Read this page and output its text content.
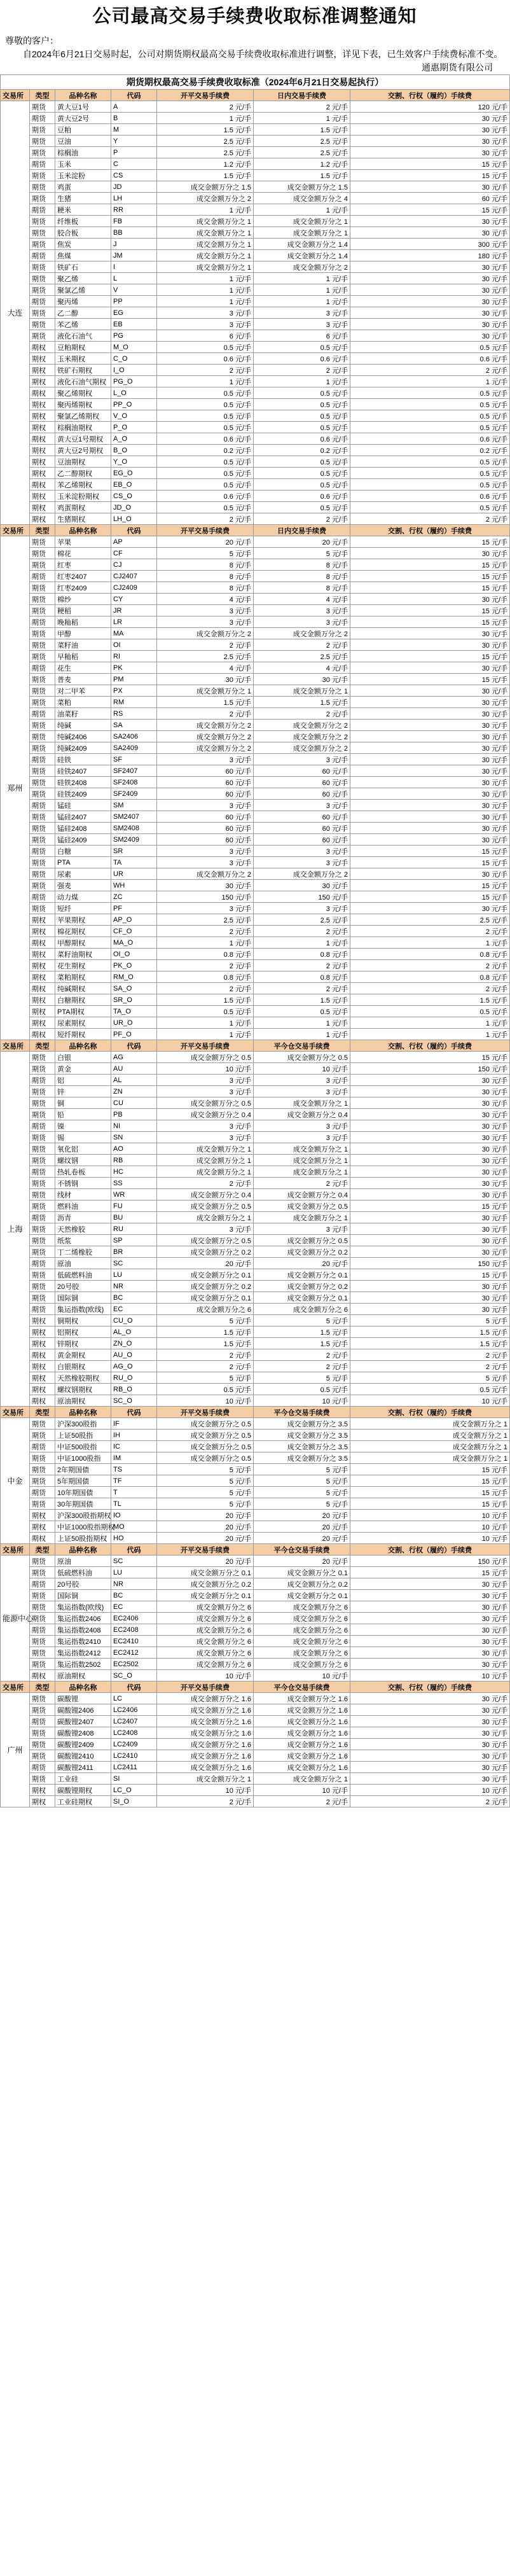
公司最高交易手续费收取标准调整通知
尊敬的客户：
自2024年6月21日交易时起，公司对期货期权最高交易手续费收取标准进行调整，详见下表，已生效客户手续费标准不变。
通惠期货有限公司
期货期权最高交易手续费收取标准（2024年6月21日交易起执行）						
交易所	类型	品种名称	代码	开平交易手续费	日内交易手续费	交割、行权（履约）手续费
大连	期货	黄大豆1号	A	2 元/手	2 元/手	120 元/手
	期货	黄大豆2号	B	1 元/手	1 元/手	30 元/手
	期货	豆粕	M	1.5 元/手	1.5 元/手	30 元/手
	期货	豆油	Y	2.5 元/手	2.5 元/手	30 元/手
	期货	棕榈油	P	2.5 元/手	2.5 元/手	30 元/手
	期货	玉米	C	1.2 元/手	1.2 元/手	15 元/手
	期货	玉米淀粉	CS	1.5 元/手	1.5 元/手	15 元/手
	期货	鸡蛋	JD	成交金额万分之 1.5	成交金额万分之 1.5	30 元/手
	期货	生猪	LH	成交金额万分之 2	成交金额万分之 4	60 元/手
	期货	粳米	RR	1 元/手	1 元/手	15 元/手
	期货	纤维板	FB	成交金额万分之 1	成交金额万分之 1	30 元/手
	期货	胶合板	BB	成交金额万分之 1	成交金额万分之 1	30 元/手
	期货	焦炭	J	成交金额万分之 1	成交金额万分之 1.4	300 元/手
	期货	焦煤	JM	成交金额万分之 1	成交金额万分之 1.4	180 元/手
	期货	铁矿石	I	成交金额万分之 1	成交金额万分之 2	30 元/手
	期货	聚乙烯	L	1 元/手	1 元/手	30 元/手
	期货	聚氯乙烯	V	1 元/手	1 元/手	30 元/手
	期货	聚丙烯	PP	1 元/手	1 元/手	30 元/手
	期货	乙二醇	EG	3 元/手	3 元/手	30 元/手
	期货	苯乙烯	EB	3 元/手	3 元/手	30 元/手
	期货	液化石油气	PG	6 元/手	6 元/手	30 元/手
	期权	豆粕期权	M_O	0.5 元/手	0.5 元/手	0.5 元/手
	期权	玉米期权	C_O	0.6 元/手	0.6 元/手	0.6 元/手
	期权	铁矿石期权	I_O	2 元/手	2 元/手	2 元/手
	期权	液化石油气期权	PG_O	1 元/手	1 元/手	1 元/手
	期权	聚乙烯期权	L_O	0.5 元/手	0.5 元/手	0.5 元/手
	期权	聚丙烯期权	PP_O	0.5 元/手	0.5 元/手	0.5 元/手
	期权	聚氯乙烯期权	V_O	0.5 元/手	0.5 元/手	0.5 元/手
	期权	棕榈油期权	P_O	0.5 元/手	0.5 元/手	0.5 元/手
	期权	黄大豆1号期权	A_O	0.6 元/手	0.6 元/手	0.6 元/手
	期权	黄大豆2号期权	B_O	0.2 元/手	0.2 元/手	0.2 元/手
	期权	豆油期权	Y_O	0.5 元/手	0.5 元/手	0.5 元/手
	期权	乙二醇期权	EG_O	0.5 元/手	0.5 元/手	0.5 元/手
	期权	苯乙烯期权	EB_O	0.5 元/手	0.5 元/手	0.5 元/手
	期权	玉米淀粉期权	CS_O	0.6 元/手	0.6 元/手	0.6 元/手
	期权	鸡蛋期权	JD_O	0.5 元/手	0.5 元/手	0.5 元/手
	期权	生猪期权	LH_O	2 元/手	2 元/手	2 元/手
交易所	类型	品种名称	代码	开平交易手续费	日内交易手续费	交割、行权（履约）手续费
郑州	期货	苹果	AP	20 元/手	20 元/手	15 元/手
	期货	棉花	CF	5 元/手	5 元/手	30 元/手
	期货	红枣	CJ	8 元/手	8 元/手	15 元/手
	期货	红枣2407	CJ2407	8 元/手	8 元/手	15 元/手
	期货	红枣2409	CJ2409	8 元/手	8 元/手	15 元/手
	期货	棉纱	CY	4 元/手	4 元/手	30 元/手
	期货	粳稻	JR	3 元/手	3 元/手	15 元/手
	期货	晚籼稻	LR	3 元/手	3 元/手	15 元/手
	期货	甲醇	MA	成交金额万分之 2	成交金额万分之 2	30 元/手
	期货	菜籽油	OI	2 元/手	2 元/手	30 元/手
	期货	早籼稻	RI	2.5 元/手	2.5 元/手	15 元/手
	期货	花生	PK	4 元/手	4 元/手	30 元/手
	期货	普麦	PM	30 元/手	30 元/手	15 元/手
	期货	对二甲苯	PX	成交金额万分之 1	成交金额万分之 1	30 元/手
	期货	菜粕	RM	1.5 元/手	1.5 元/手	30 元/手
	期货	油菜籽	RS	2 元/手	2 元/手	30 元/手
	期货	纯碱	SA	成交金额万分之 2	成交金额万分之 2	30 元/手
	期货	纯碱2406	SA2406	成交金额万分之 2	成交金额万分之 2	30 元/手
	期货	纯碱2409	SA2409	成交金额万分之 2	成交金额万分之 2	30 元/手
	期货	硅铁	SF	3 元/手	3 元/手	30 元/手
	期货	硅铁2407	SF2407	60 元/手	60 元/手	30 元/手
	期货	硅铁2408	SF2408	60 元/手	60 元/手	30 元/手
	期货	硅铁2409	SF2409	60 元/手	60 元/手	30 元/手
	期货	锰硅	SM	3 元/手	3 元/手	30 元/手
	期货	锰硅2407	SM2407	60 元/手	60 元/手	30 元/手
	期货	锰硅2408	SM2408	60 元/手	60 元/手	30 元/手
	期货	锰硅2409	SM2409	60 元/手	60 元/手	30 元/手
	期货	白糖	SR	3 元/手	3 元/手	15 元/手
	期货	PTA	TA	3 元/手	3 元/手	15 元/手
	期货	尿素	UR	成交金额万分之 2	成交金额万分之 2	30 元/手
	期货	强麦	WH	30 元/手	30 元/手	15 元/手
	期货	动力煤	ZC	150 元/手	150 元/手	15 元/手
	期货	短纤	PF	3 元/手	3 元/手	30 元/手
	期权	苹果期权	AP_O	2.5 元/手	2.5 元/手	2.5 元/手
	期权	棉花期权	CF_O	2 元/手	2 元/手	2 元/手
	期权	甲醇期权	MA_O	1 元/手	1 元/手	1 元/手
	期权	菜籽油期权	OI_O	0.8 元/手	0.8 元/手	0.8 元/手
	期权	花生期权	PK_O	2 元/手	2 元/手	2 元/手
	期权	菜粕期权	RM_O	0.8 元/手	0.8 元/手	0.8 元/手
	期权	纯碱期权	SA_O	2 元/手	2 元/手	2 元/手
	期权	白糖期权	SR_O	1.5 元/手	1.5 元/手	1.5 元/手
	期权	PTA期权	TA_O	0.5 元/手	0.5 元/手	0.5 元/手
	期权	尿素期权	UR_O	1 元/手	1 元/手	1 元/手
	期权	短纤期权	PF_O	1 元/手	1 元/手	1 元/手
交易所	类型	品种名称	代码	开平交易手续费	平今仓交易手续费	交割、行权（履约）手续费
上海	期货	白银	AG	成交金额万分之 0.5	成交金额万分之 0.5	15 元/手
	期货	黄金	AU	10 元/手	10 元/手	150 元/手
	期货	铝	AL	3 元/手	3 元/手	30 元/手
	期货	锌	ZN	3 元/手	3 元/手	30 元/手
	期货	铜	CU	成交金额万分之 0.5	成交金额万分之 1	30 元/手
	期货	铅	PB	成交金额万分之 0.4	成交金额万分之 0.4	30 元/手
	期货	镍	NI	3 元/手	3 元/手	30 元/手
	期货	锡	SN	3 元/手	3 元/手	30 元/手
	期货	氧化铝	AO	成交金额万分之 1	成交金额万分之 1	30 元/手
	期货	螺纹钢	RB	成交金额万分之 1	成交金额万分之 1	30 元/手
	期货	热轧卷板	HC	成交金额万分之 1	成交金额万分之 1	30 元/手
	期货	不锈钢	SS	2 元/手	2 元/手	30 元/手
	期货	线材	WR	成交金额万分之 0.4	成交金额万分之 0.4	30 元/手
	期货	燃料油	FU	成交金额万分之 0.5	成交金额万分之 0.5	15 元/手
	期货	沥青	BU	成交金额万分之 1	成交金额万分之 1	30 元/手
	期货	天然橡胶	RU	3 元/手	3 元/手	30 元/手
	期货	纸浆	SP	成交金额万分之 0.5	成交金额万分之 0.5	30 元/手
	期货	丁二烯橡胶	BR	成交金额万分之 0.2	成交金额万分之 0.2	30 元/手
	期货	原油	SC	20 元/手	20 元/手	150 元/手
	期货	低硫燃料油	LU	成交金额万分之 0.1	成交金额万分之 0.1	15 元/手
	期货	20号胶	NR	成交金额万分之 0.2	成交金额万分之 0.2	30 元/手
	期货	国际铜	BC	成交金额万分之 0.1	成交金额万分之 0.1	30 元/手
	期货	集运指数(欧线)	EC	成交金额万分之 6	成交金额万分之 6	30 元/手
	期权	铜期权	CU_O	5 元/手	5 元/手	5 元/手
	期权	铝期权	AL_O	1.5 元/手	1.5 元/手	1.5 元/手
	期权	锌期权	ZN_O	1.5 元/手	1.5 元/手	1.5 元/手
	期权	黄金期权	AU_O	2 元/手	2 元/手	2 元/手
	期权	白银期权	AG_O	2 元/手	2 元/手	2 元/手
	期权	天然橡胶期权	RU_O	5 元/手	5 元/手	5 元/手
	期权	螺纹钢期权	RB_O	0.5 元/手	0.5 元/手	0.5 元/手
	期权	原油期权	SC_O	10 元/手	10 元/手	10 元/手
交易所	类型	品种名称	代码	开平交易手续费	平今仓交易手续费	交割、行权（履约）手续费
中金	期货	沪深300股指	IF	成交金额万分之 0.5	成交金额万分之 3.5	成交金额万分之 1
	期货	上证50股指	IH	成交金额万分之 0.5	成交金额万分之 3.5	成交金额万分之 1
	期货	中证500股指	IC	成交金额万分之 0.5	成交金额万分之 3.5	成交金额万分之 1
	期货	中证1000股指	IM	成交金额万分之 0.5	成交金额万分之 3.5	成交金额万分之 1
	期货	2年期国债	TS	5 元/手	5 元/手	15 元/手
	期货	5年期国债	TF	5 元/手	5 元/手	15 元/手
	期货	10年期国债	T	5 元/手	5 元/手	15 元/手
	期货	30年期国债	TL	5 元/手	5 元/手	15 元/手
	期权	沪深300股指期权	IO	20 元/手	20 元/手	10 元/手
	期权	中证1000股指期权	MO	20 元/手	20 元/手	10 元/手
	期权	上证50股指期权	HO	20 元/手	20 元/手	10 元/手
交易所	类型	品种名称	代码	开平交易手续费	平今仓交易手续费	交割、行权（履约）手续费
能源中心	期货	原油	SC	20 元/手	20 元/手	150 元/手
	期货	低硫燃料油	LU	成交金额万分之 0.1	成交金额万分之 0.1	15 元/手
	期货	20号胶	NR	成交金额万分之 0.2	成交金额万分之 0.2	30 元/手
	期货	国际铜	BC	成交金额万分之 0.1	成交金额万分之 0.1	30 元/手
	期货	集运指数(欧线)	EC	成交金额万分之 6	成交金额万分之 6	30 元/手
	期货	集运指数2406	EC2406	成交金额万分之 6	成交金额万分之 6	30 元/手
	期货	集运指数2408	EC2408	成交金额万分之 6	成交金额万分之 6	30 元/手
	期货	集运指数2410	EC2410	成交金额万分之 6	成交金额万分之 6	30 元/手
	期货	集运指数2412	EC2412	成交金额万分之 6	成交金额万分之 6	30 元/手
	期货	集运指数2502	EC2502	成交金额万分之 6	成交金额万分之 6	30 元/手
	期权	原油期权	SC_O	10 元/手	10 元/手	10 元/手
交易所	类型	品种名称	代码	开平交易手续费	平今仓交易手续费	交割、行权（履约）手续费
广州	期货	碳酸锂	LC	成交金额万分之 1.6	成交金额万分之 1.6	30 元/手
	期货	碳酸锂2406	LC2406	成交金额万分之 1.6	成交金额万分之 1.6	30 元/手
	期货	碳酸锂2407	LC2407	成交金额万分之 1.6	成交金额万分之 1.6	30 元/手
	期货	碳酸锂2408	LC2408	成交金额万分之 1.6	成交金额万分之 1.6	30 元/手
	期货	碳酸锂2409	LC2409	成交金额万分之 1.6	成交金额万分之 1.6	30 元/手
	期货	碳酸锂2410	LC2410	成交金额万分之 1.6	成交金额万分之 1.6	30 元/手
	期货	碳酸锂2411	LC2411	成交金额万分之 1.6	成交金额万分之 1.6	30 元/手
	期货	工业硅	SI	成交金额万分之 1	成交金额万分之 1	30 元/手
	期权	碳酸锂期权	LC_O	10 元/手	10 元/手	10 元/手
	期权	工业硅期权	SI_O	2 元/手	2 元/手	2 元/手
